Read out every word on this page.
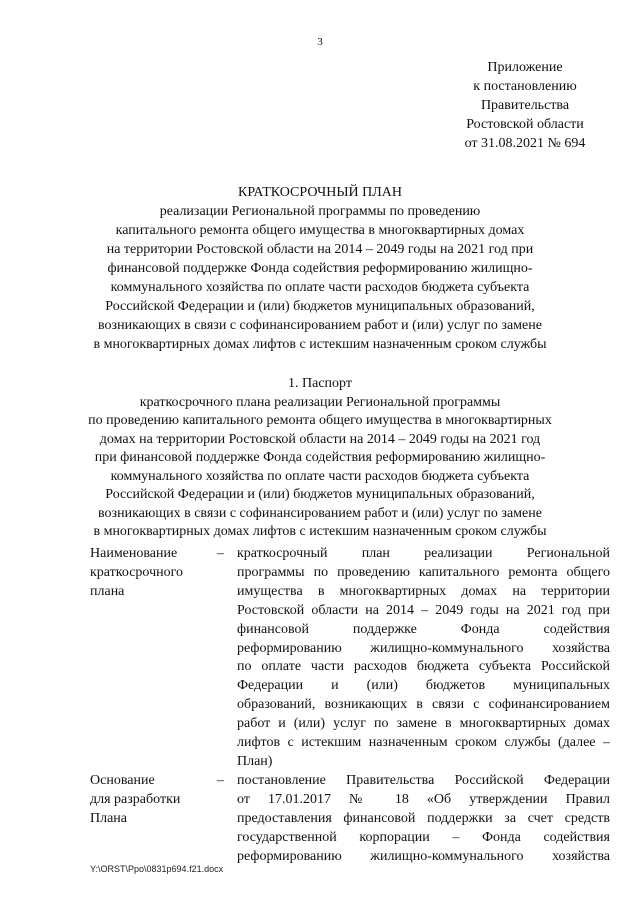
3
Приложение
к постановлению
Правительства
Ростовской области
от 31.08.2021 № 694
КРАТКОСРОЧНЫЙ ПЛАН
реализации Региональной программы по проведению
капитального ремонта общего имущества в многоквартирных домах
на территории Ростовской области на 2014 – 2049 годы на 2021 год при
финансовой поддержке Фонда содействия реформированию жилищно-
коммунального хозяйства по оплате части расходов бюджета субъекта
Российской Федерации и (или) бюджетов муниципальных образований,
возникающих в связи с софинансированием работ и (или) услуг по замене
в многоквартирных домах лифтов с истекшим назначенным сроком службы
1. Паспорт
краткосрочного плана реализации Региональной программы
по проведению капитального ремонта общего имущества в многоквартирных
домах на территории Ростовской области на 2014 – 2049 годы на 2021 год
при финансовой поддержке Фонда содействия реформированию жилищно-
коммунального хозяйства по оплате части расходов бюджета субъекта
Российской Федерации и (или) бюджетов муниципальных образований,
возникающих в связи с софинансированием работ и (или) услуг по замене
в многоквартирных домах лифтов с истекшим назначенным сроком службы
Наименование
краткосрочного
плана
– краткосрочный план реализации Региональной
программы по проведению капитального ремонта общего
имущества в многоквартирных домах на территории
Ростовской области на 2014 – 2049 годы на 2021 год при
финансовой поддержке Фонда содействия
реформированию жилищно-коммунального хозяйства
по оплате части расходов бюджета субъекта Российской
Федерации и (или) бюджетов муниципальных
образований, возникающих в связи с софинансированием
работ и (или) услуг по замене в многоквартирных домах
лифтов с истекшим назначенным сроком службы (далее –
План)
Основание
для разработки
Плана
– постановление Правительства Российской Федерации
от 17.01.2017 № 18 «Об утверждении Правил
предоставления финансовой поддержки за счет средств
государственной корпорации – Фонда содействия
реформированию жилищно-коммунального хозяйства
Y:\ORST\Ppo\0831p694.f21.docx
